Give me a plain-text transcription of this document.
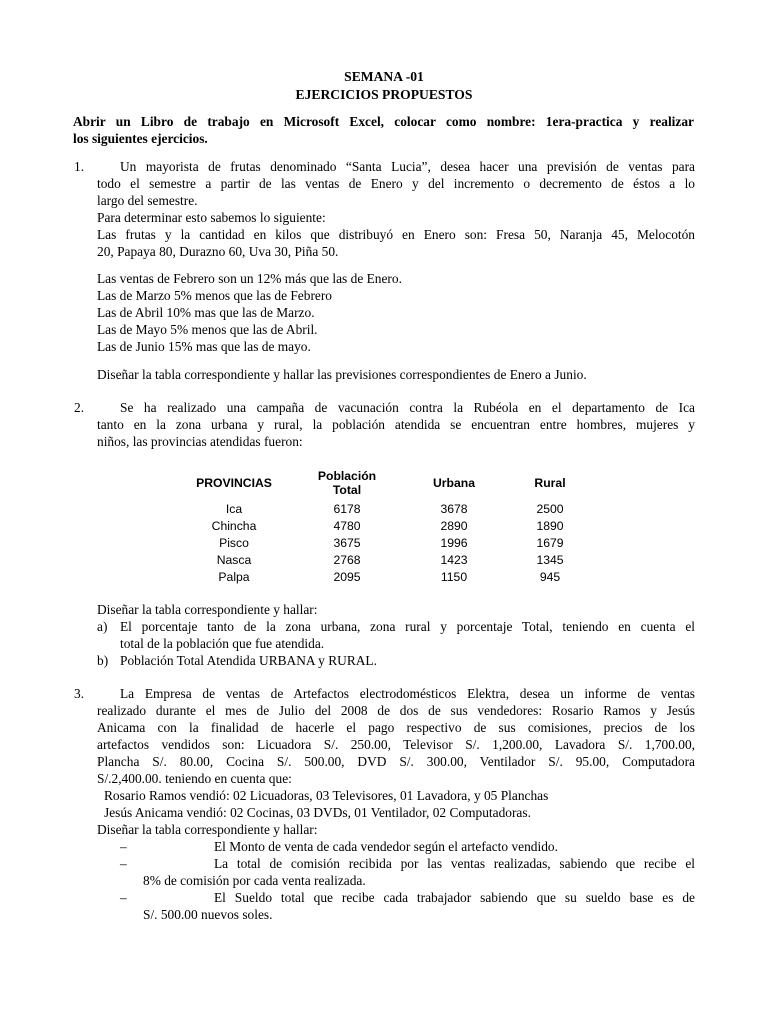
SEMANA -01
EJERCICIOS PROPUESTOS
Abrir un Libro de trabajo en Microsoft Excel, colocar como nombre: 1era-practica y realizar
los siguientes ejercicios.
1.	Un mayorista de frutas denominado “Santa Lucia”, desea hacer una previsión de ventas para
todo el semestre a partir de las ventas de Enero y del incremento o decremento de éstos a lo
largo del semestre.
Para determinar esto sabemos lo siguiente:
Las frutas y la cantidad en kilos que distribuyó en Enero son: Fresa 50, Naranja 45, Melocotón
20, Papaya 80, Durazno 60, Uva 30, Piña 50.
Las ventas de Febrero son un 12% más que las de Enero.
Las de Marzo 5% menos que las de Febrero
Las de Abril 10% mas que las de Marzo.
Las de Mayo 5% menos que las de Abril.
Las de Junio 15% mas que las de mayo.
Diseñar la tabla correspondiente y hallar las previsiones correspondientes de Enero a Junio.
2.	Se ha realizado una campaña de vacunación contra la Rubéola en el departamento de Ica
tanto en la zona urbana y rural, la población atendida se encuentran entre hombres, mujeres y
niños, las provincias atendidas fueron:
PROVINCIAS	Población Total	Urbana	Rural
Ica	6178	3678	2500
Chincha	4780	2890	1890
Pisco	3675	1996	1679
Nasca	2768	1423	1345
Palpa	2095	1150	945
Diseñar la tabla correspondiente y hallar:
a) El porcentaje tanto de la zona urbana, zona rural y porcentaje Total, teniendo en cuenta el
total de la población que fue atendida.
b) Población Total Atendida URBANA y RURAL.
3.	La Empresa de ventas de Artefactos electrodomésticos Elektra, desea un informe de ventas
realizado durante el mes de Julio del 2008 de dos de sus vendedores: Rosario Ramos y Jesús
Anicama con la finalidad de hacerle el pago respectivo de sus comisiones, precios de los
artefactos vendidos son: Licuadora S/. 250.00, Televisor S/. 1,200.00, Lavadora S/. 1,700.00,
Plancha S/. 80.00, Cocina S/. 500.00, DVD S/. 300.00, Ventilador S/. 95.00, Computadora
S/.2,400.00. teniendo en cuenta que:
Rosario Ramos vendió: 02 Licuadoras, 03 Televisores, 01 Lavadora, y 05 Planchas
Jesús Anicama vendió: 02 Cocinas, 03 DVDs, 01 Ventilador, 02 Computadoras.
Diseñar la tabla correspondiente y hallar:
–	El Monto de venta de cada vendedor según el artefacto vendido.
–	La total de comisión recibida por las ventas realizadas, sabiendo que recibe el
8% de comisión por cada venta realizada.
–	El Sueldo total que recibe cada trabajador sabiendo que su sueldo base es de
S/. 500.00 nuevos soles.
